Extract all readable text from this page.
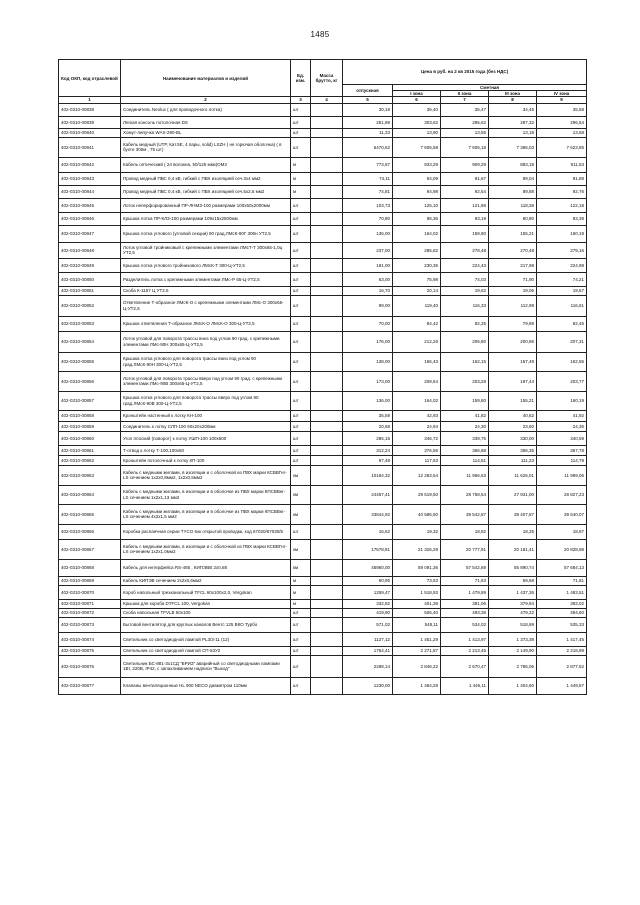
1485
Код ОКП, код отраслевой	Наименование материалов и изделий	Ед. изм.	Масса брутто, кг	Цена в руб. на 2 кв 2015 года (без НДС)				
				отпускная	Сметная			
					I зона	II зона	III зона	IV зона
1	2	3	4	5	6	7	8	9
402-0310-00838	Соединитель Neolux ( для проводочного лотка)	шт		30,18	36,40	35,47	34,45	35,58
402-0310-00839	Легкая консоль потолочная DS	шт		251,89	303,62	295,62	287,32	296,54
402-0310-00840	Хомут-липучка WAS-290-BL	шт		11,33	13,90	13,55	13,18	13,58
402-0310-00841	Кабель медный (UTP, Кат.5Е, 4 пары, solid) LSZH ( не горючая оболочка) ( в бухте 305м , 75 шт)	шт		6470,62	7 605,58	7 605,18	7 386,03	7 623,85
402-0310-00842	Кабель оптический ( 24 волокна, 50/125 мкм)ОМ3	м		773,67	933,29	909,29	883,19	911,53
402-0310-00843	Провод медный ПВС 0,4 кВ, гибкий с ПВХ изоляцией сеч.3х4 мм2	м		74,11	94,09	91,67	89,04	91,89
402-0310-00844	Провод медный ПВС 0,4 кВ, гибкий с ПВХ изоляцией сеч.5х2,5 мм2	м		74,81	94,98	92,54	89,88	92,76
402-0310-00845	Лоток неперфорированный ПР-ЛНМЗ-100 размерами 100х50х2000мм	шт		103,73	125,10	121,88	118,38	122,18
402-0310-00846	Крышка лотка ПР-КЛЗ-100 размерами 109х15х2500мм	шт		70,80	85,36	83,19	80,80	83,39
402-0310-00847	Крышка лотка углового (угловой секции) 90 град.ЛМсК-90Г 300н УТ2,5	шт		136,00	164,02	159,80	155,21	160,19
402-0310-00848	Лоток угловой тройниковый с крепежными элементами ЛМсТ-Т 300х65-1,0ц УТ2,5	шт		237,00	285,82	278,48	270,48	279,16
402-0310-00849	Крышка лотка углового тройникового ЛМсК-Т 300-Ц-УТ2,5	шт		191,00	230,35	224,43	217,98	224,98
402-0310-00850	Разделитель лотка с крепежными элементами ЛМс-Р 65-Ц-УТ2,5	шт		63,00	75,98	74,03	71,90	74,21
402-0310-00851	Скоба К-1157 Ц УТ2,5	шт		16,70	20,14	19,62	19,06	19,67
402-0310-00852	Ответвление Т-образное ЛМсК-О с крепежными элементами ЛМс-О 300х65-Ц-УТ2,5	шт		99,00	119,40	116,33	112,99	116,61
402-0310-00853	Крышка ответвления Т-образное ЛМсК-О ЛМсК-О 300-Ц-УТ2,5	шт		70,00	84,42	82,25	79,89	82,45
402-0310-00854	Лоток угловой для поворота трассы вниз под углом 90 град. с крепежными элементами ЛМс-90Н 300х65-Ц-УТ2,5	шт		176,00	212,26	206,80	200,86	207,31
402-0310-00855	Крышка лотка углового для поворота трассы вниз под углом 90 град.ЛМсК-90Н 300-Ц-УТ2,5	шт		138,00	166,43	162,15	157,49	162,55
402-0310-00856	Лоток угловой для поворота трассы вверх под углом 90 град. с крепежными элементами ЛМс-90В 300х65-Ц-УТ2,5	шт		173,00	208,64	203,28	197,44	203,77
402-0310-00857	Крышка лотка углового для поворота трассы вверх под углом 90 град.ЛМсК-90В 300-Ц-УТ2,5	шт		136,00	164,02	159,80	155,21	160,19
402-0310-00858	Кронштейн настенный к лотку КН-100	шт		35,59	42,93	41,82	40,62	41,92
402-0310-00859	Соединитель к лотку СЛП-100 50х20х200мм	шт		20,68	24,94	24,30	23,60	24,36
402-0310-00860	Угол плоский (поворот) к лотку УШП-100 100х500	шт		285,15	346,72	339,75	330,00	340,59
402-0310-00861	Т-отвод к лотку Т-100,100х50	шт		312,24	376,56	366,88	356,35	367,78
402-0310-00862	Кронштейн потолочный к лотку КП-100	шт		97,48	117,53	114,51	111,23	114,79
402-0310-00863	Кабель с медными жилами, в изоляции и с оболочкой из ПВХ марки КСВВГнг-LS сечением 1х2х0,8мм2, 1х2х0,5мм2	км		10184,32	12 283,54	11 966,63	11 625,01	11 999,06
402-0310-00864	Кабель с медными жилами, в изоляции и в оболочке из ПВХ марки КПСВВнг-LS сечением 1х2х1,13 мм2	км		24467,41	29 519,50	28 758,54	27 931,00	28 827,23
402-0310-00865	Кабель с медными жилами, в изоляции и в оболочке из ПВХ марки КПСВВнг-LS сечением 4х2х1,5 мм2	км		33644,92	40 586,50	39 542,87	38 407,87	39 640,07
402-0310-00866	Коробка распаячная серии TYCO 6хк открытой проводки, код 67020/67030/6	шт		16,62	19,32	18,82	18,25	18,87
402-0310-00867	Кабель с медными жилами, в изоляции и с оболочкой из ПВХ марки КСВВГнг-LS сечением 1х2х1,0мм2	км		17678,81	21 326,29	20 777,91	20 181,41	20 828,98
402-0310-00868	Кабель для интерфейса RS-485 , КИПЭВВ 2х0,68	км		45960,00	59 091,36	57 542,69	55 890,74	57 684,13
402-0310-00869	Кабель КИПЭВ сечением 2х2х0,6мм2	м		60,95	73,53	71,63	69,58	71,81
402-0310-00870	Короб напольный трехканальный TFCL 60х100х2,0, Vergokan	м		1259,47	1 518,93	1 479,89	1 437,36	1 483,51
402-0310-00871	Крышка для короба DTFCL 100, Vergokan	м		332,82	401,38	391,06	379,84	392,02
402-0310-00872	Скоба напольная TFVLB 50х100	шт		419,90	506,40	493,38	479,22	494,60
402-0310-00873	Бытовой вентилятор для круглых каналов Вентс 125 ВКО Турбо	шт		571,02	548,11	534,02	518,69	535,33
402-0310-00874	Светильник со светодиодной лампой PL3/3-11 (12)	шт		1127,12	1 451,29	1 413,97	1 373,38	1 417,45
402-0310-00875	Светильник со светодиодной лампой СП-53У2	шт		1764,41	2 271,87	2 213,45	2 149,90	2 218,89
402-0310-00876	Светильник БС-881-3х1СД "БРИЗ" аварийный со светодиодными лампами 1Вт, 220В, IP42, с запахливанием надписи "Выход"	шт		2288,14	2 846,22	2 670,47	2 786,06	2 877,52
402-0310-00877	Клапаны вентиляционные HL 900 NECO диаметром 110мм	шт		1230,00	1 484,28	1 446,11	1 404,60	1 449,67
